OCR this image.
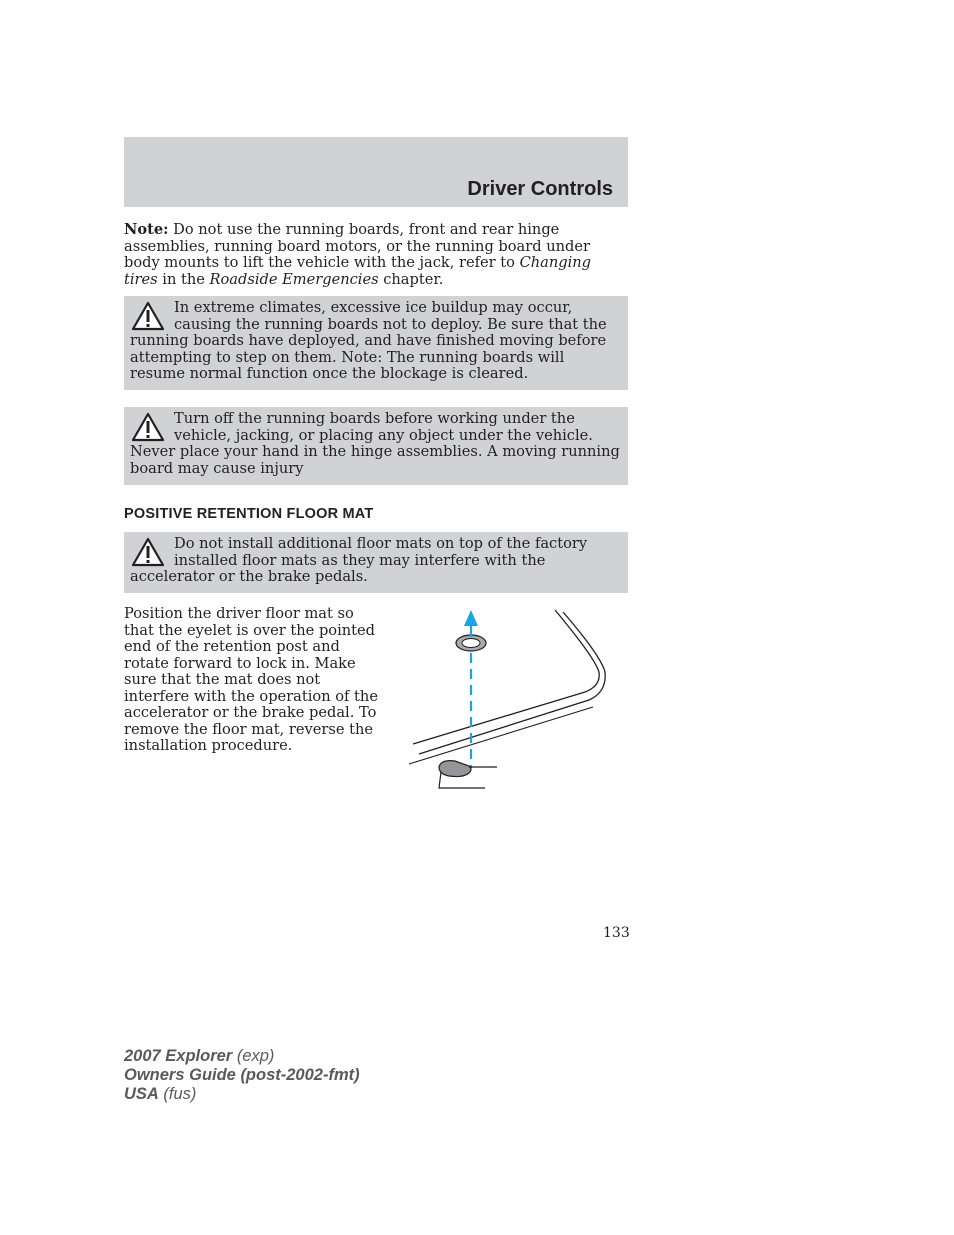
Driver Controls
Note: Do not use the running boards, front and rear hinge assemblies, running board motors, or the running board under body mounts to lift the vehicle with the jack, refer to Changing tires in the Roadside Emergencies chapter.
In extreme climates, excessive ice buildup may occur, causing the running boards not to deploy. Be sure that the running boards have deployed, and have finished moving before attempting to step on them. Note: The running boards will resume normal function once the blockage is cleared.
Turn off the running boards before working under the vehicle, jacking, or placing any object under the vehicle. Never place your hand in the hinge assemblies. A moving running board may cause injury
POSITIVE RETENTION FLOOR MAT
Do not install additional floor mats on top of the factory installed floor mats as they may interfere with the accelerator or the brake pedals.
Position the driver floor mat so that the eyelet is over the pointed end of the retention post and rotate forward to lock in. Make sure that the mat does not interfere with the operation of the accelerator or the brake pedal. To remove the floor mat, reverse the installation procedure.
133
2007 Explorer (exp)
Owners Guide (post-2002-fmt)
USA (fus)
